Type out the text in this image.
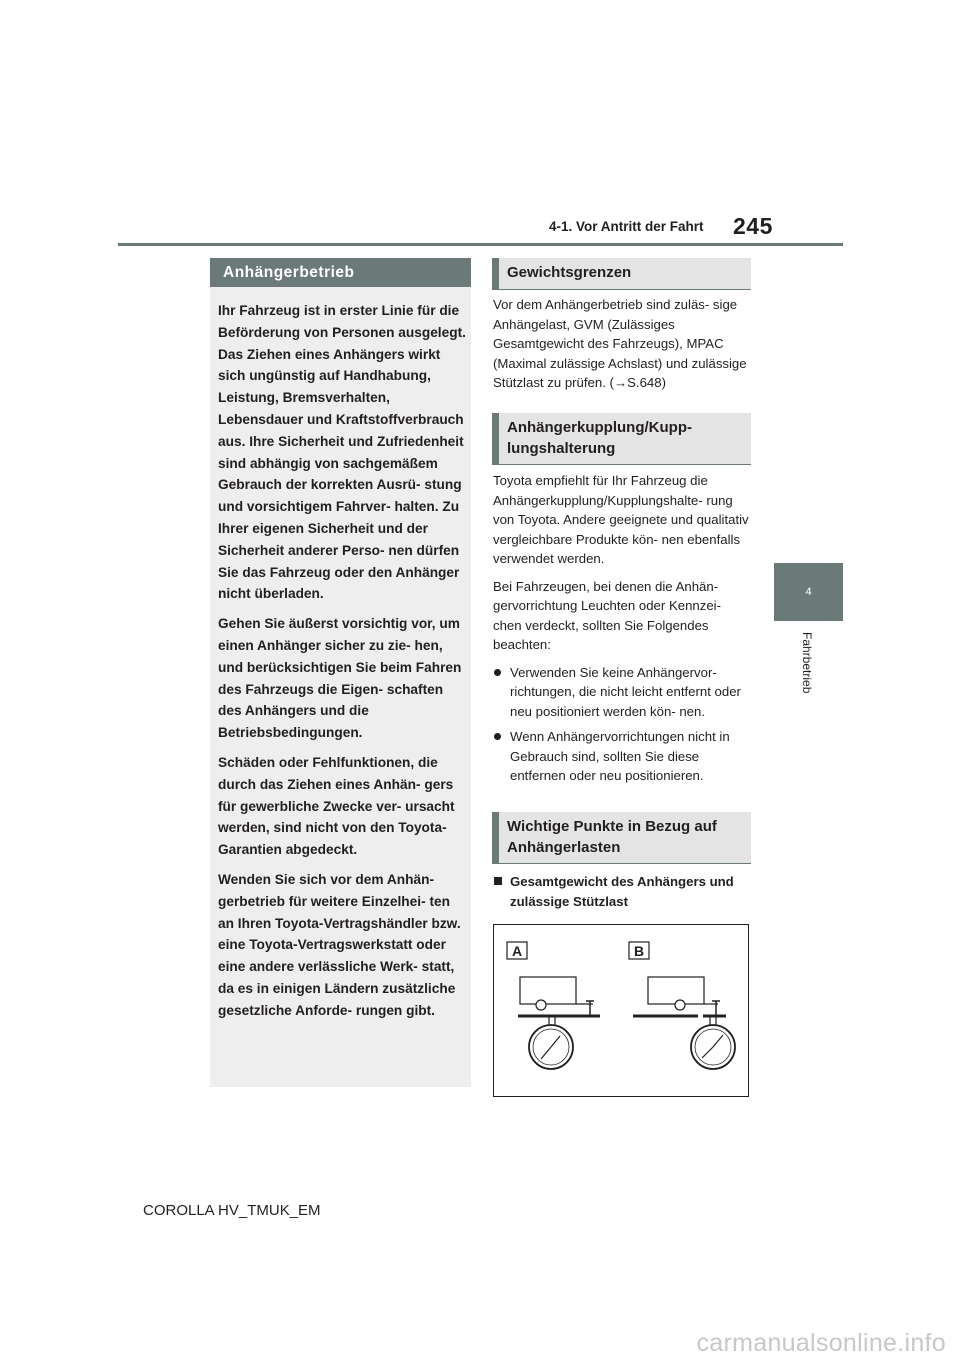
4-1. Vor Antritt der Fahrt 245
4
Fahrbetrieb
Anhängerbetrieb

Ihr Fahrzeug ist in erster Linie für die Beförderung von Personen ausgelegt. Das Ziehen eines Anhängers wirkt sich ungünstig auf Handhabung, Leistung, Bremsverhalten, Lebensdauer und Kraftstoffverbrauch aus. Ihre Sicherheit und Zufriedenheit sind abhängig von sachgemäßem Gebrauch der korrekten Ausrü- stung und vorsichtigem Fahrver- halten. Zu Ihrer eigenen Sicherheit und der Sicherheit anderer Perso- nen dürfen Sie das Fahrzeug oder den Anhänger nicht überladen.

Gehen Sie äußerst vorsichtig vor, um einen Anhänger sicher zu zie- hen, und berücksichtigen Sie beim Fahren des Fahrzeugs die Eigen- schaften des Anhängers und die Betriebsbedingungen.

Schäden oder Fehlfunktionen, die durch das Ziehen eines Anhän- gers für gewerbliche Zwecke ver- ursacht werden, sind nicht von den Toyota-Garantien abgedeckt.

Wenden Sie sich vor dem Anhän- gerbetrieb für weitere Einzelhei- ten an Ihren Toyota-Vertragshändler bzw. eine Toyota-Vertragswerkstatt oder eine andere verlässliche Werk- statt, da es in einigen Ländern zusätzliche gesetzliche Anforde- rungen gibt.

Gewichtsgrenzen

Vor dem Anhängerbetrieb sind zuläs- sige Anhängelast, GVM (Zulässiges Gesamtgewicht des Fahrzeugs), MPAC (Maximal zulässige Achslast) und zulässige Stützlast zu prüfen. (→S.648)

Anhängerkupplung/Kupp- lungshalterung

Toyota empfiehlt für Ihr Fahrzeug die Anhängerkupplung/Kupplungshalte- rung von Toyota. Andere geeignete und qualitativ vergleichbare Produkte kön- nen ebenfalls verwendet werden.

Bei Fahrzeugen, bei denen die Anhän- gervorrichtung Leuchten oder Kennzei- chen verdeckt, sollten Sie Folgendes beachten:

Verwenden Sie keine Anhängervor- richtungen, die nicht leicht entfernt oder neu positioniert werden kön- nen.
Wenn Anhängervorrichtungen nicht in Gebrauch sind, sollten Sie diese entfernen oder neu positionieren.
Wichtige Punkte in Bezug auf Anhängerlasten
Gesamtgewicht des Anhängers und zulässige Stützlast
A	B
COROLLA HV_TMUK_EM
carmanualsonline.info
